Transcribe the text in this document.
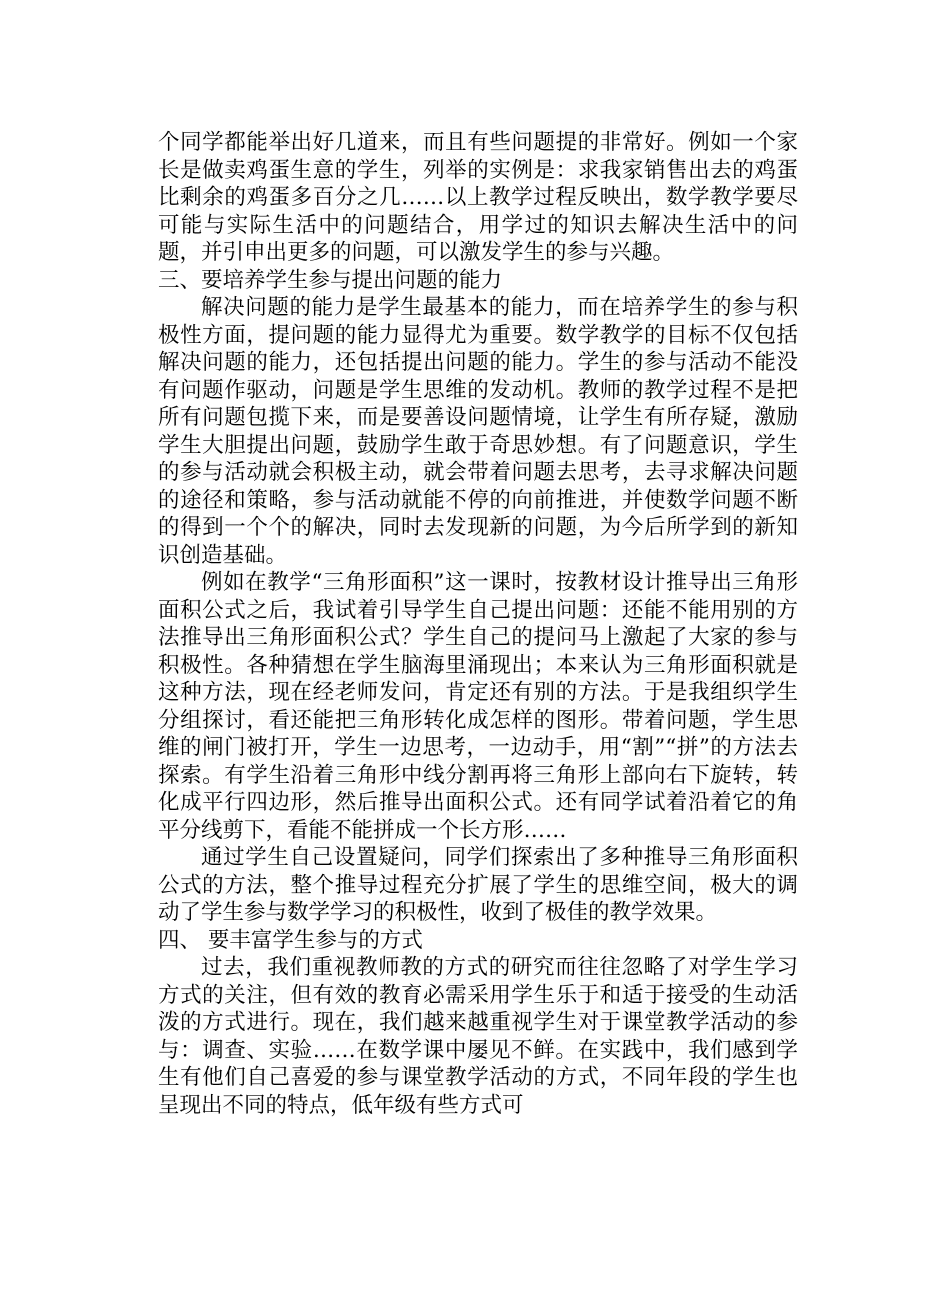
个同学都能举出好几道来，而且有些问题提的非常好。例如一个家长是做卖鸡蛋生意的学生，列举的实例是：求我家销售出去的鸡蛋比剩余的鸡蛋多百分之几……以上教学过程反映出，数学教学要尽可能与实际生活中的问题结合，用学过的知识去解决生活中的问题，并引申出更多的问题，可以激发学生的参与兴趣。

三、要培养学生参与提出问题的能力

解决问题的能力是学生最基本的能力，而在培养学生的参与积极性方面，提问题的能力显得尤为重要。数学教学的目标不仅包括解决问题的能力，还包括提出问题的能力。学生的参与活动不能没有问题作驱动，问题是学生思维的发动机。教师的教学过程不是把所有问题包揽下来，而是要善设问题情境，让学生有所存疑，激励学生大胆提出问题，鼓励学生敢于奇思妙想。有了问题意识，学生的参与活动就会积极主动，就会带着问题去思考，去寻求解决问题的途径和策略，参与活动就能不停的向前推进，并使数学问题不断的得到一个个的解决，同时去发现新的问题，为今后所学到的新知识创造基础。

例如在教学“三角形面积”这一课时，按教材设计推导出三角形面积公式之后，我试着引导学生自己提出问题：还能不能用别的方法推导出三角形面积公式？学生自己的提问马上激起了大家的参与积极性。各种猜想在学生脑海里涌现出；本来认为三角形面积就是这种方法，现在经老师发问，肯定还有别的方法。于是我组织学生分组探讨，看还能把三角形转化成怎样的图形。带着问题，学生思维的闸门被打开，学生一边思考，一边动手，用“割”“拼”的方法去探索。有学生沿着三角形中线分割再将三角形上部向右下旋转，转化成平行四边形，然后推导出面积公式。还有同学试着沿着它的角平分线剪下，看能不能拼成一个长方形……

通过学生自己设置疑问，同学们探索出了多种推导三角形面积公式的方法，整个推导过程充分扩展了学生的思维空间，极大的调动了学生参与数学学习的积极性，收到了极佳的教学效果。

四、 要丰富学生参与的方式

过去，我们重视教师教的方式的研究而往往忽略了对学生学习方式的关注，但有效的教育必需采用学生乐于和适于接受的生动活泼的方式进行。现在，我们越来越重视学生对于课堂教学活动的参与：调查、实验……在数学课中屡见不鲜。在实践中，我们感到学生有他们自己喜爱的参与课堂教学活动的方式，不同年段的学生也呈现出不同的特点，低年级有些方式可
